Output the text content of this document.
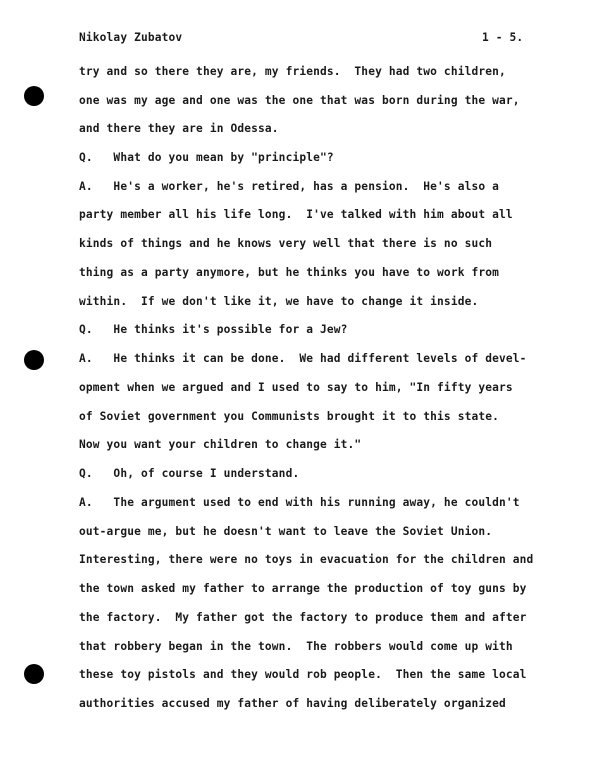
Nikolay Zubatov	1 - 5.
try and so there they are, my friends.  They had two children,
one was my age and one was the one that was born during the war,
and there they are in Odessa.
Q.   What do you mean by "principle"?
A.   He's a worker, he's retired, has a pension.  He's also a
party member all his life long.  I've talked with him about all
kinds of things and he knows very well that there is no such
thing as a party anymore, but he thinks you have to work from
within.  If we don't like it, we have to change it inside.
Q.   He thinks it's possible for a Jew?
A.   He thinks it can be done.  We had different levels of devel-
opment when we argued and I used to say to him, "In fifty years
of Soviet government you Communists brought it to this state.
Now you want your children to change it."
Q.   Oh, of course I understand.
A.   The argument used to end with his running away, he couldn't
out-argue me, but he doesn't want to leave the Soviet Union.
Interesting, there were no toys in evacuation for the children and
the town asked my father to arrange the production of toy guns by
the factory.  My father got the factory to produce them and after
that robbery began in the town.  The robbers would come up with
these toy pistols and they would rob people.  Then the same local
authorities accused my father of having deliberately organized
